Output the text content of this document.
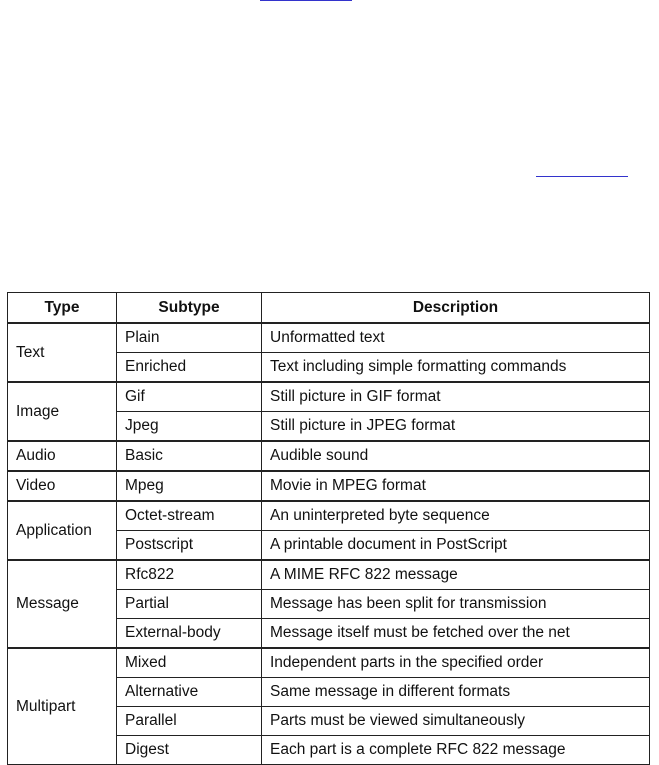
Type	Subtype	Description
Text	Plain	Unformatted text
	Enriched	Text including simple formatting commands
Image	Gif	Still picture in GIF format
	Jpeg	Still picture in JPEG format
Audio	Basic	Audible sound
Video	Mpeg	Movie in MPEG format
Application	Octet-stream	An uninterpreted byte sequence
	Postscript	A printable document in PostScript
Message	Rfc822	A MIME RFC 822 message
	Partial	Message has been split for transmission
	External-body	Message itself must be fetched over the net
Multipart	Mixed	Independent parts in the specified order
	Alternative	Same message in different formats
	Parallel	Parts must be viewed simultaneously
	Digest	Each part is a complete RFC 822 message
